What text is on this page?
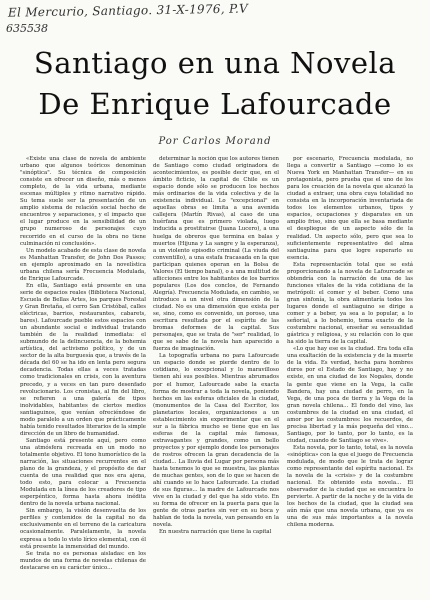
El Mercurio, Santiago. 31-X-1976, P.V
635538
Santiago en una Novela
De Enrique Lafourcade
Por Carlos Morand

«Existe una clase de novela de ambiente urbano que algunos teóricos denominan "sinóptica". Su técnica de composición consiste en ofrecer un diseño, más o menos completo, de la vida urbana, mediante escenas múltiples y ritmo narrativo rápido. Su tema suele ser la presentación de un amplio sistema de relación social hecho de encuentros y separaciones, y el impacto que el lugar produce en la sensibilidad de un grupo numeroso de personajes cuyo recorrido en el curso de la obra no tiene culminación ni conclusión».

Un modelo acabado de esta clase de novela es Manhattan Transfer, de John Dos Passos; en ejemplo aproximado en la novelística urbana chilena sería Frecuencia Modulada, de Enrique Lafourcade.

En ella, Santiago está presente en una serie de espacios reales (Biblioteca Nacional, Escuela de Bellas Artes, los parques Forestal y Gran Bretaña, el cerro San Cristóbal, calles eléctricas, barrios, restaurantes, cabarets, bares). Lafourcade pueble estos espacios con un abundante social e individual tratando también de la realidad inmediata: el submundo de la delincuencia, de la bohemia artística, del activismo político, y de un sector de la alta burguesía que, a través de la década del 60 se ha ido en lenta pero segura decadencia. Todas ellas a veces tratadas como tradicionales en crisis, con la aventura precedo, y a veces en tan puro desenfado revolucionario. Los cronistas, al fin del libro, se refieren a una galería de tipos inolvidables, habitantes de ciertos medios santiaguinos, que venían ofreciéndose de modo paralelo a un orden que prácticamente había tenido resultados literarios de la simple dirección de un libro de humanidad.

Santiago está presente aquí, pero como una atmósfera recreada en un modo no totalmente objetivo. El tono humorístico de la narración, las situaciones recurrentes en el plano de la grandeza, y el propósito de dar cuenta de una realidad que nos era ajena, todo esto, para colocar a Frecuencia Modulada en la línea de los creadores de tipo esperpéntico, forma hasta ahora inédita dentro de la novela urbana nacional.

Sin embargo, la visión desenvuelta de los perfiles y contenidos de la capital no da exclusivamente en el terreno de la caricatura ocasionalmente. Paralelamente, la novela expresa a todo lo visto lírico elemental, con él está presente la inmensidad del mundo.

Se trata no es personas aisladas: en los mundos de una forma de novelas chilenas de destacarse en su carácter único...

determinar la noción que los autores tienen de Santiago como ciudad originadora de acontecimientos, es posible decir que, en el ámbito ficticio, la capital de Chile es un espacio donde sólo se producen los hechos más ordinarios de la vida colectiva y de la existencia individual. Lo "excepcional" en aquellas obras se limita a una avenida callejera (Martín Rivas), al caso de una huérfana que es primero violada, luego inducida a prostituirse (Juana Lucero), a una huelga de obreros que termina en balas y muertos (Hijuna y La sangre y la esperanza), a un violento episodio criminal (La viuda del conventillo), a una estafa fracasada en la que participan quienes operan en la Bolsa de Valores (El tiempo banal), o a una multitud de aflicciones entre los habitantes de los barrios populares (Los dos conclos, de Fernando Alegría). Frecuencia Modulada, en cambio, se introduce a un nivel otra dimensión de la ciudad. No es una dimensión que exista per se, sino, como es convenido, un poroso, una escritura resultada por el espíritu de las bromas deformes de la capital. Sus personajes, que se trata de "ser" realidad, lo que se sabe de la novela han aparecido a fuerza de imaginación.

La topografía urbana no para Lafourcade un espacio donde se pierde dentro de lo cotidiano, lo excepcional y lo maravilloso tienen ahí sus posibles. Mientras abrumados por el humor, Lafourcade sabe la exacta forma de mostrar a toda la novela, poniendo hechos en las esferas oficiales de la ciudad, (monumentos de la Casa del Escritor, los planetarios locales, organizaciones a un establecimiento sin experimentar que en el sur a la fábrica mucho se tiene que en las esferas de la capital más famosas, extravagantes y grandes, como un bello proyectos y por ejemplo donde los personajes de rostros ofrecen la gran decadencia de la ciudad... La lluvia del Lugar por persona más hasta tenemos lo que se muestra, las plantas de muchas gentes, son de lo que se hacen de ahí cuando se lo hace Lafourcade. La ciudad de sus figuras... la madre de Lafourcade nos vive en la ciudad y del que ha sido visto. En su forma de ofrecer en la puerta para que la gente de otras partes sin ver en su boca y hablan de toda la novela, van pensando en la novela.

En nuestra narración que tiene la capital

por escenario, Frecuencia modulada, no llega a convertir a Santiago —como lo es Nueva York en Manhattan Transfer— en su protagonista, pero prueba que el uno de los para los creación de la novela que alcanzó la ciudad a extraer, una obra cuya totalidad no consista en la incorporación inventariada de todos los elementos urbanos, tipos y espacios, ocupaciones y disparates en un amplio friso, sino que ella se basa mediante el despliegue de un aspecto sólo de la realidad. Un aspecto sólo, pero que sea lo suficientemente representativo del alma santiaguina para que logre superarlo su esencia.

Esta representación total que se está proporcionando a la novela de Lafourcade se obtendría con la narración de una de las funciones vitales de la vida cotidiana de la metrópoli: el comer y el beber. Como una gran sinfonía, la obra alimentaría todos los lugares donde el santiaguino se dirige a comer y a beber, ya sea a lo popular, a lo señorial, a lo bohemio, tema exacto de la costumbre nacional, enseñar su sensualidad gástrica y religiosa, y su relación con lo que ha sido la tierra de la capital.

«Lo que hay ese es la ciudad. Era toda ella una exaltación de la existencia y de la muerte de la vida. Es verdad, hecha para hombres duros por el Estado de Santiago, hay y no existe, en una ciudad de los Nogales, donde la gente que viene en la Vega, la calle Bandera, hay una ciudad de perro, en la Vega, de una poca de tierra y la Vega de la gran novela chilena... El fondo del vino, las costumbres de la ciudad en una ciudad, el amor por las costumbres: los recuerdos, de precisa libertad y la más pequeña del vino... Santiago, por lo tanto, por lo tanto, es la ciudad, cuando de Santiago se vive».

Esta novela, por lo tanto, total, es la novela «sinóptica» con la que el juego de Frecuencia modulada, de modo que le trata de lograr como representante del espíritu nacional. Es la novela de la «crisis» y de la costumbre nacional. Es obtenido esta novela... El observador de la ciudad que se encuentra lo pervierte. A partir de la noche y de la vida de los hechos de la ciudad, que la ciudad sea aún más que una novela urbana, que ya es una de sus más importantes a la novela chilena moderna.
